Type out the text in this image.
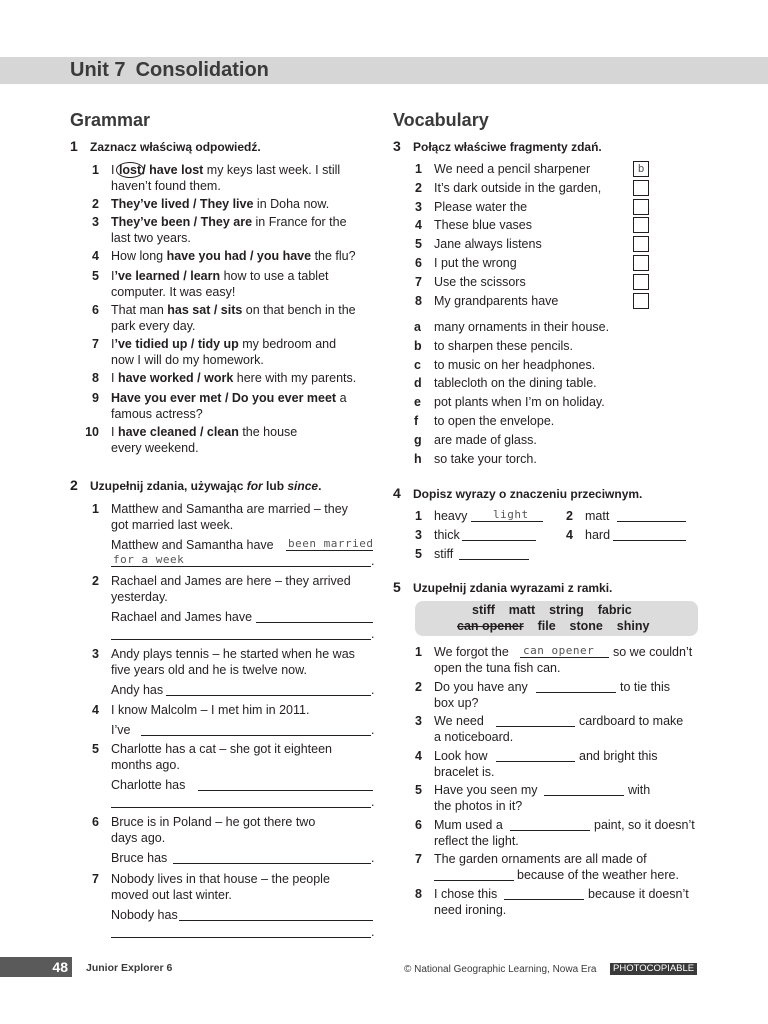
Unit 7 Consolidation
Grammar
1 Zaznacz właściwą odpowiedź.
1 I lost/ have lost my keys last week. I still
haven’t found them.
2 They’ve lived / They live in Doha now.
3 They’ve been / They are in France for the
last two years.
4 How long have you had / you have the flu?
5 I’ve learned / learn how to use a tablet
computer. It was easy!
6 That man has sat / sits on that bench in the
park every day.
7 I’ve tidied up / tidy up my bedroom and
now I will do my homework.
8 I have worked / work here with my parents.
9 Have you ever met / Do you ever meet a
famous actress?
10 I have cleaned / clean the house
every weekend.
2 Uzupełnij zdania, używając for lub since.
1 Matthew and Samantha are married – they
got married last week.
Matthew and Samantha have been married
for a week	.
2 Rachael and James are here – they arrived
yesterday.
Rachael and James have
.
3 Andy plays tennis – he started when he was
five years old and he is twelve now.
Andy has	.
4 I know Malcolm – I met him in 2011.
I’ve	.
5 Charlotte has a cat – she got it eighteen
months ago.
Charlotte has
.
6 Bruce is in Poland – he got there two
days ago.
Bruce has	.
7 Nobody lives in that house – the people
moved out last winter.
Nobody has
.
Vocabulary
3 Połącz właściwe fragmenty zdań.
1 We need a pencil sharpener	b
2 It’s dark outside in the garden,
3 Please water the
4 These blue vases
5 Jane always listens
6 I put the wrong
7 Use the scissors
8 My grandparents have
a	many ornaments in their house.
b to sharpen these pencils.
c	to music on her headphones.
d tablecloth on the dining table.
e	pot plants when I’m on holiday.
f	to open the envelope.
g are made of glass.
h so take your torch.
4 Dopisz wyrazy o znaczeniu przeciwnym.
1 heavy light	2 matt
3 thick	4 hard
5 stiff
5 Uzupełnij zdania wyrazami z ramki.
stiff    matt    string    fabric
can opener    file    stone    shiny
1 We forgot the can opener so we couldn’t
open the tuna fish can.
2 Do you have any	to tie this
box up?
3 We need	cardboard to make
a noticeboard.
4 Look how	and bright this
bracelet is.
5 Have you seen my	with
the photos in it?
6 Mum used a	paint, so it doesn’t
reflect the light.
7 The garden ornaments are all made of
because of the weather here.
8 I chose this	because it doesn’t
need ironing.
48 Junior Explorer 6	© National Geographic Learning, Nowa Era	PHOTOCOPIABLE
